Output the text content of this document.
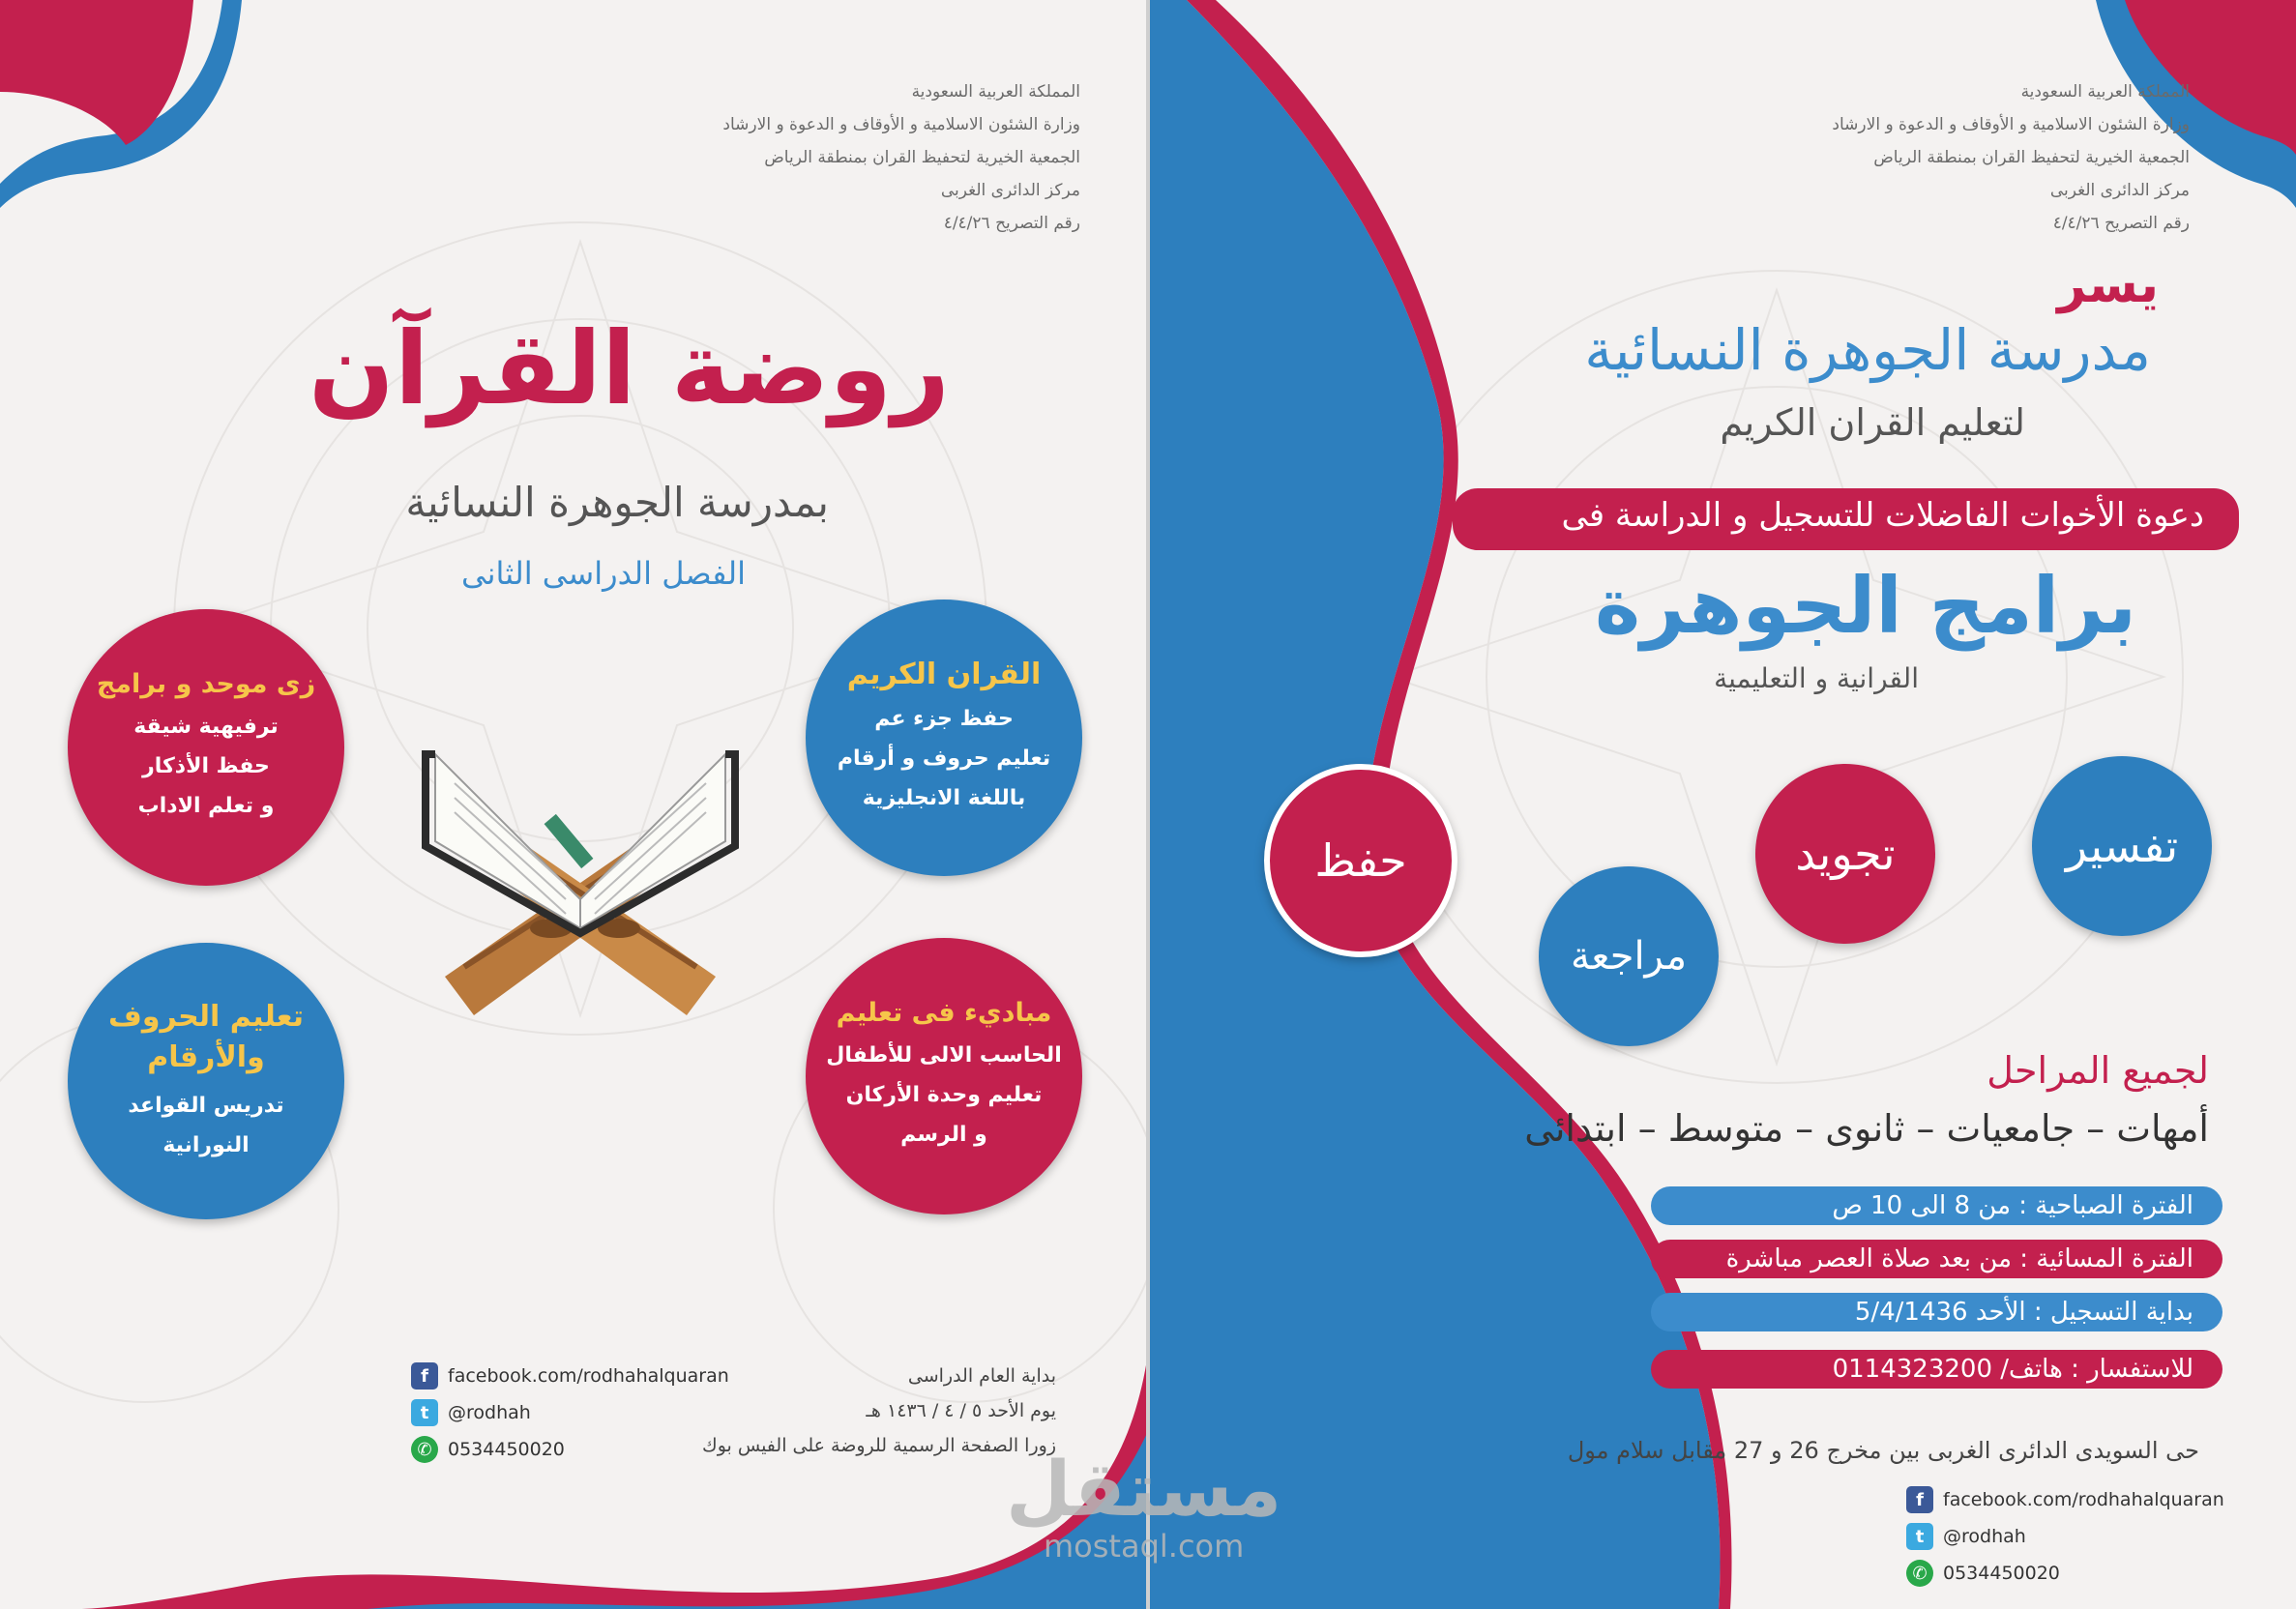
المملكة العربية السعودية
وزارة الشئون الاسلامية و الأوقاف و الدعوة و الارشاد
الجمعية الخيرية لتحفيظ القران بمنطقة الرياض
مركز الدائرى الغربى
رقم التصريح ٤/٤/٢٦
روضة القرآن
بمدرسة الجوهرة النسائية
الفصل الدراسى الثانى
القران الكريم
حفظ جزء عم
تعليم حروف و أرقام
باللغة الانجليزية
زى موحد و برامج
ترفيهية شيقة
حفظ الأذكار
و تعلم الاداب
مباديء فى تعليم
الحاسب الالى للأطفال
تعليم وحدة الأركان
و الرسم
تعليم الحروف والأرقام
تدريس القواعد
النورانية
بداية العام الدراسى
يوم الأحد ٥ / ٤ / ١٤٣٦ هـ
زورا الصفحة الرسمية للروضة على الفيس بوك
f	facebook.com/rodhahalquaran
t	@rodhah
✆ 0534450020
المملكة العربية السعودية
وزارة الشئون الاسلامية و الأوقاف و الدعوة و الارشاد
الجمعية الخيرية لتحفيظ القران بمنطقة الرياض
مركز الدائرى الغربى
رقم التصريح ٤/٤/٢٦
يسر
مدرسة الجوهرة النسائية
لتعليم القران الكريم
دعوة الأخوات الفاضلات للتسجيل و الدراسة فى
برامج الجوهرة
القرانية و التعليمية
حفظ	تجويد	تفسير
مراجعة
لجميع المراحل
أمهات – جامعيات – ثانوى – متوسط – ابتدائى
الفترة الصباحية : من 8 الى 10 ص
الفترة المسائية : من بعد صلاة العصر مباشرة
بداية التسجيل : الأحد 5/4/1436
للاستفسار : هاتف/ 0114323200
حى السويدى الدائرى الغربى بين مخرج 26 و 27 مقابل سلام مول
f	facebook.com/rodhahalquaran
t	@rodhah
✆ 0534450020
مستقل
mostaql.com
